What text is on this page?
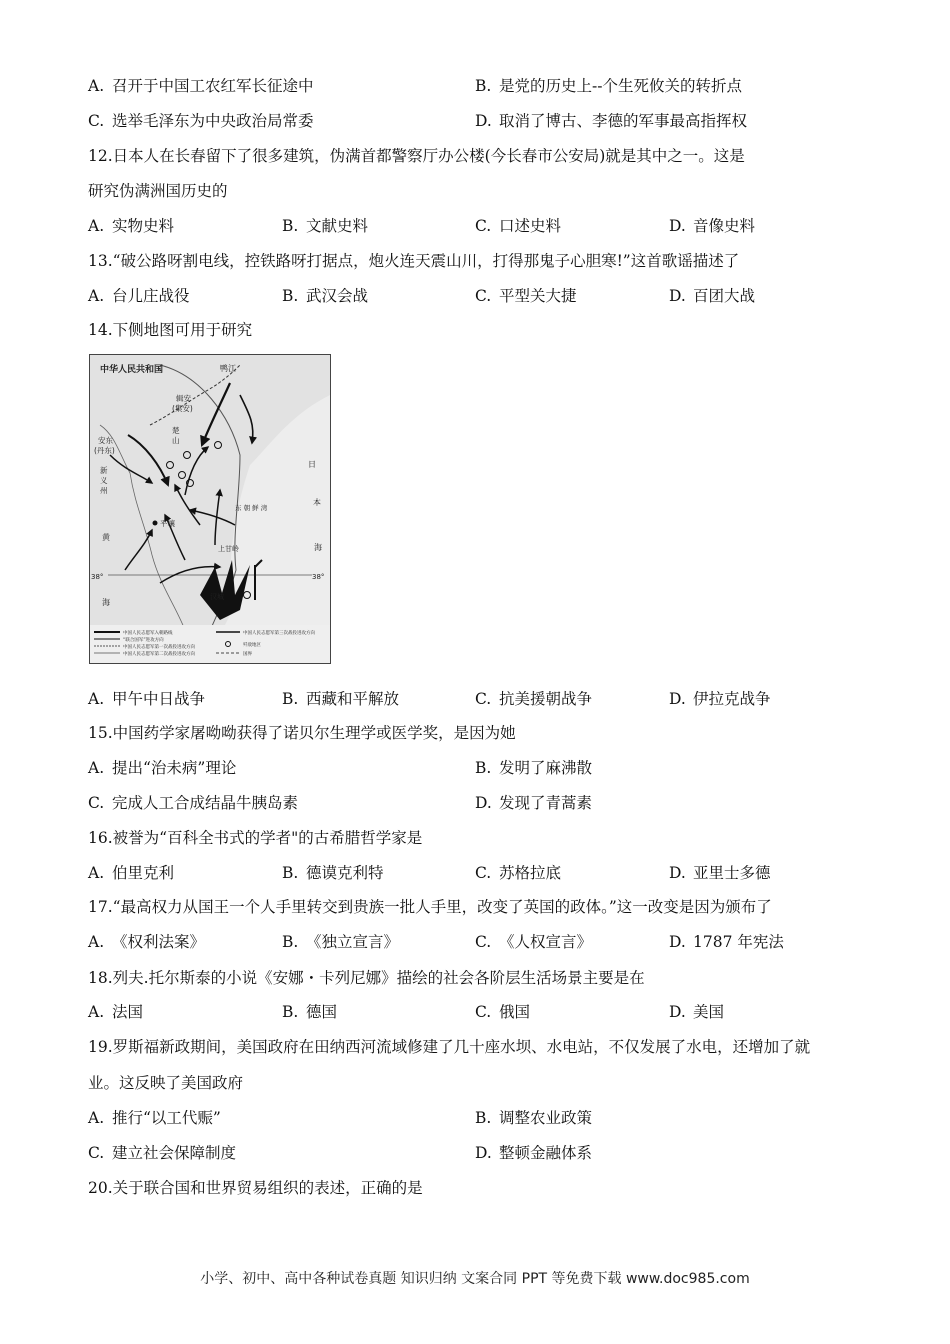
A. 召开于中国工农红军长征途中	B. 是党的历史上--个生死攸关的转折点
C. 选举毛泽东为中央政治局常委	D. 取消了博古、李德的军事最高指挥权
12.日本人在长春留下了很多建筑，伪满首都警察厅办公楼(今长春市公安局)就是其中之一。这是
研究伪满洲国历史的
A. 实物史料	B. 文献史料	C. 口述史料	D. 音像史料
13.“破公路呀割电线，控铁路呀打据点，炮火连天震山川，打得那鬼子心胆寒!”这首歌谣描述了
A. 台儿庄战役	B. 武汉会战	C. 平型关大捷	D. 百团大战
14.下侧地图可用于研究
中华人民共和国	鸭江
辑安
(集安)
安东
(丹东)
新
义
州
楚
山
平壤
东 朝 鲜 湾
日
本
海
黄
海
上甘岭
38°	38°
汉城
中国人民志愿军入朝路线
“联合国军”进攻方向
中国人民志愿军第一次战役进攻方向
中国人民志愿军第二次战役进攻方向
中国人民志愿军第三次战役进攻方向
歼敌地区
国界
A. 甲午中日战争	B. 西藏和平解放	C. 抗美援朝战争	D. 伊拉克战争
15.中国药学家屠呦呦获得了诺贝尔生理学或医学奖，是因为她
A. 提出“治未病”理论	B. 发明了麻沸散
C. 完成人工合成结晶牛胰岛素	D. 发现了青蒿素
16.被誉为“百科全书式的学者"的古希腊哲学家是
A. 伯里克利	B. 德谟克利特	C. 苏格拉底	D. 亚里士多德
17.“最高权力从国王一个人手里转交到贵族一批人手里，改变了英国的政体。”这一改变是因为颁布了
A. 《权利法案》	B. 《独立宣言》	C. 《人权宣言》	D. 1787 年宪法
18.列夫.托尔斯泰的小说《安娜・卡列尼娜》描绘的社会各阶层生活场景主要是在
A. 法国	B. 德国	C. 俄国	D. 美国
19.罗斯福新政期间，美国政府在田纳西河流域修建了几十座水坝、水电站，不仅发展了水电，还增加了就
业。这反映了美国政府
A. 推行“以工代赈”	B. 调整农业政策
C. 建立社会保障制度	D. 整顿金融体系
20.关于联合国和世界贸易组织的表述，正确的是
小学、初中、高中各种试卷真题 知识归纳 文案合同 PPT 等免费下载 www.doc985.com
